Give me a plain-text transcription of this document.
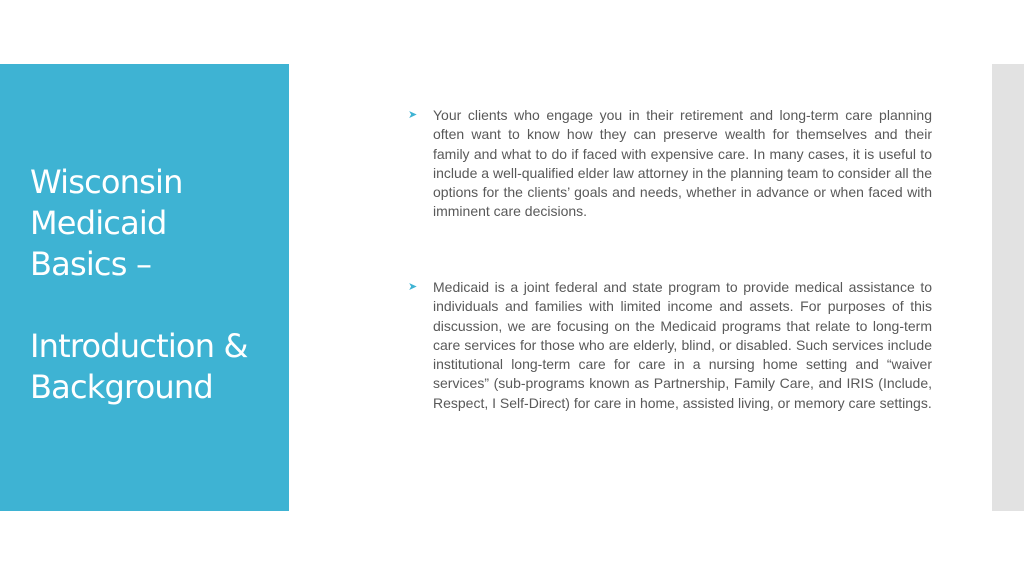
Wisconsin
Medicaid
Basics –
Introduction &
Background
➤	Your clients who engage you in their retirement and long-term care planning often want to know how they can preserve wealth for themselves and their family and what to do if faced with expensive care. In many cases, it is useful to include a well-qualified elder law attorney in the planning team to consider all the options for the clients’ goals and needs, whether in advance or when faced with imminent care decisions.
➤	Medicaid is a joint federal and state program to provide medical assistance to individuals and families with limited income and assets. For purposes of this discussion, we are focusing on the Medicaid programs that relate to long-term care services for those who are elderly, blind, or disabled. Such services include institutional long-term care for care in a nursing home setting and “waiver services” (sub-programs known as Partnership, Family Care, and IRIS (Include, Respect, I Self-Direct) for care in home, assisted living, or memory care settings.
